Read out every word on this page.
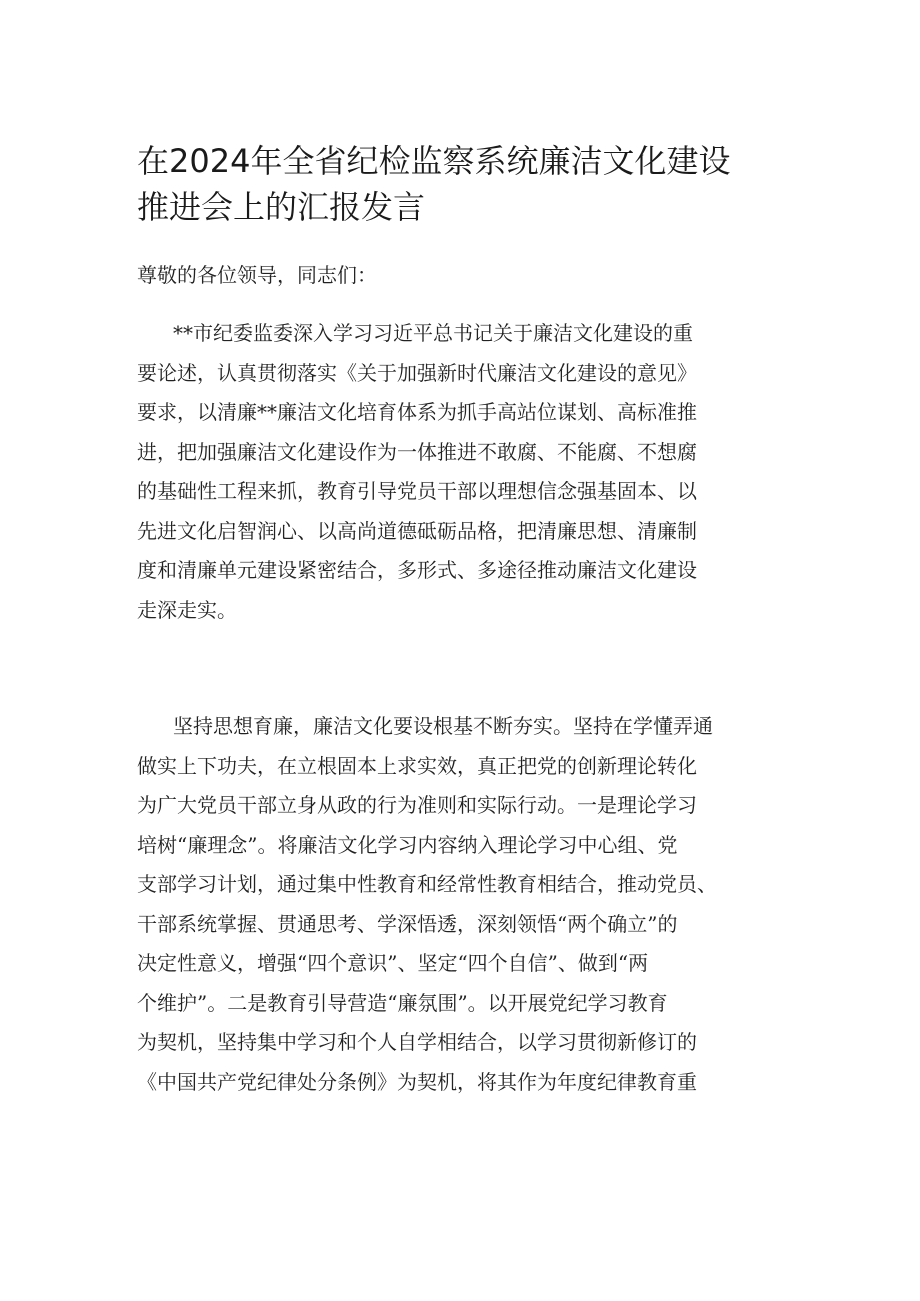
在2024年全省纪检监察系统廉洁文化建设
推进会上的汇报发言
尊敬的各位领导，同志们：
**市纪委监委深入学习习近平总书记关于廉洁文化建设的重
要论述，认真贯彻落实《关于加强新时代廉洁文化建设的意见》
要求，以清廉**廉洁文化培育体系为抓手高站位谋划、高标准推
进，把加强廉洁文化建设作为一体推进不敢腐、不能腐、不想腐
的基础性工程来抓，教育引导党员干部以理想信念强基固本、以
先进文化启智润心、以高尚道德砥砺品格，把清廉思想、清廉制
度和清廉单元建设紧密结合，多形式、多途径推动廉洁文化建设
走深走实。
坚持思想育廉，廉洁文化要设根基不断夯实。坚持在学懂弄通
做实上下功夫，在立根固本上求实效，真正把党的创新理论转化
为广大党员干部立身从政的行为准则和实际行动。一是理论学习
培树“廉理念”。将廉洁文化学习内容纳入理论学习中心组、党
支部学习计划，通过集中性教育和经常性教育相结合，推动党员、
干部系统掌握、贯通思考、学深悟透，深刻领悟“两个确立”的
决定性意义，增强“四个意识”、坚定“四个自信”、做到“两
个维护”。二是教育引导营造“廉氛围”。以开展党纪学习教育
为契机，坚持集中学习和个人自学相结合，以学习贯彻新修订的
《中国共产党纪律处分条例》为契机，将其作为年度纪律教育重
